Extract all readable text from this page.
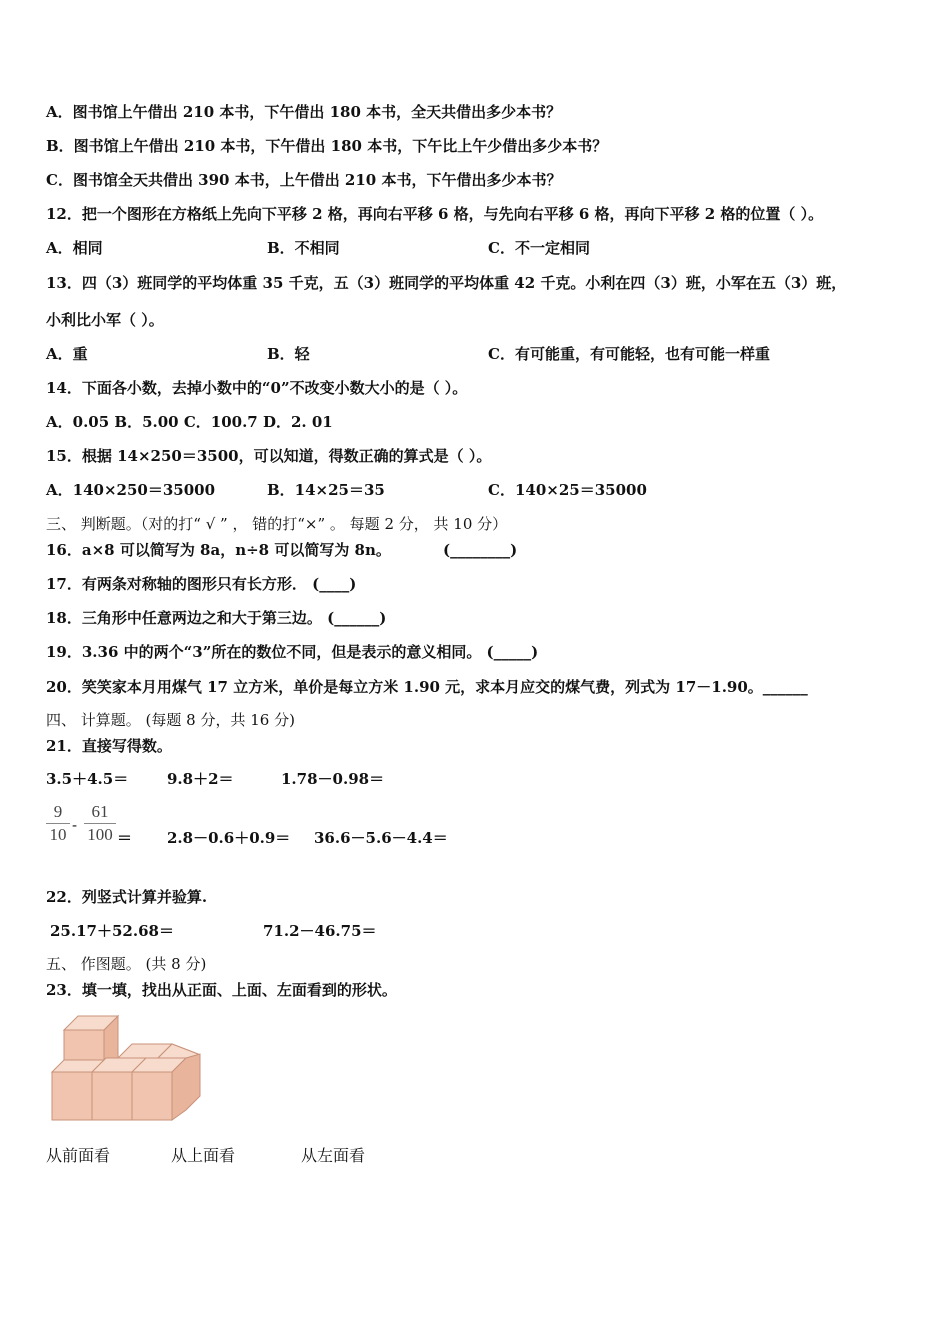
A．图书馆上午借出 210 本书，下午借出 180 本书，全天共借出多少本书？
B．图书馆上午借出 210 本书，下午借出 180 本书，下午比上午少借出多少本书？
C．图书馆全天共借出 390 本书，上午借出 210 本书，下午借出多少本书？
12．把一个图形在方格纸上先向下平移 2 格，再向右平移 6 格，与先向右平移 6 格，再向下平移 2 格的位置（ ）。
A．相同	B．不相同	C．不一定相同
13．四（3）班同学的平均体重 35 千克，五（3）班同学的平均体重 42 千克。小利在四（3）班，小军在五（3）班，
小利比小军（ ）。
A．重	B．轻	C．有可能重，有可能轻，也有可能一样重
14．下面各小数，去掉小数中的“0”不改变小数大小的是（ ）。
A．0.05 B．5.00 C．100.7 D．2. 01
15．根据 14×250＝3500，可以知道，得数正确的算式是（ ）。
A．140×250＝35000	B．14×25＝35	C．140×25＝35000
三、 判断题。（对的打“ √ ” ， 错的打“×” 。 每题 2 分， 共 10 分）
16．a×8 可以简写为 8a，n÷8 可以简写为 8n。	(________)
17．有两条对称轴的图形只有长方形． (____)
18．三角形中任意两边之和大于第三边。 (______)
19．3.36 中的两个“3”所在的数位不同，但是表示的意义相同。 (_____)
20．笑笑家本月用煤气 17 立方米，单价是每立方米 1.90 元，求本月应交的煤气费，列式为 17－1.90。______
四、 计算题。 (每题 8 分，共 16 分)
21．直接写得数。
3.5＋4.5＝	9.8＋2＝	1.78－0.98＝
9
10 -
61
100 ＝ 2.8－0.6＋0.9＝ 36.6－5.6－4.4＝
22．列竖式计算并验算.
25.17＋52.68＝	71.2－46.75＝
五、 作图题。 (共 8 分)
23．填一填，找出从正面、上面、左面看到的形状。
从前面看	从上面看	从左面看
